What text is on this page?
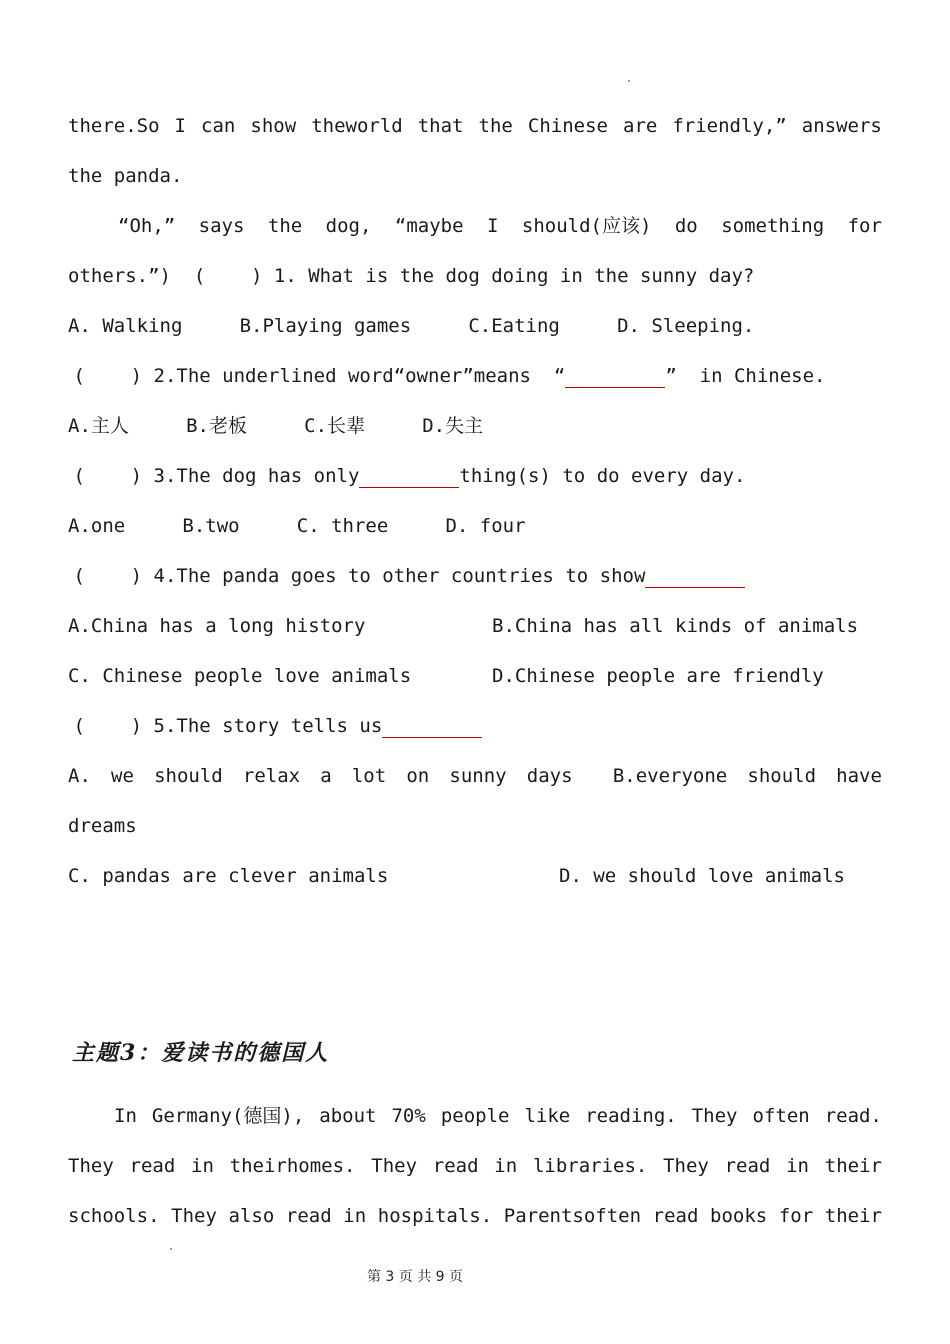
there.So I can show theworld that the Chinese are friendly,” answers
the panda.
“Oh,” says the dog, “maybe I should(应该) do something for
others.”)  (    ) 1. What is the dog doing in the sunny day?
A. Walking     B.Playing games     C.Eating     D. Sleeping.
(    ) 2.The underlined word“owner”means  “	”  in Chinese.
A.主人     B.老板     C.长辈     D.失主
(    ) 3.The dog has only	thing(s) to do every day.
A.one     B.two     C. three     D. four
(    ) 4.The panda goes to other countries to show
A.China has a long history	B.China has all kinds of animals
C. Chinese people love animals	D.Chinese people are friendly
(    ) 5.The story tells us
A. we should relax a lot on sunny days B.everyone should have
dreams
C. pandas are clever animals	D. we should love animals
主题3：爱读书的德国人
In Germany(德国), about 70% people like reading. They often read.
They read in theirhomes. They read in libraries. They read in their
schools. They also read in hospitals. Parentsoften read books for their
第 3 页 共 9 页
